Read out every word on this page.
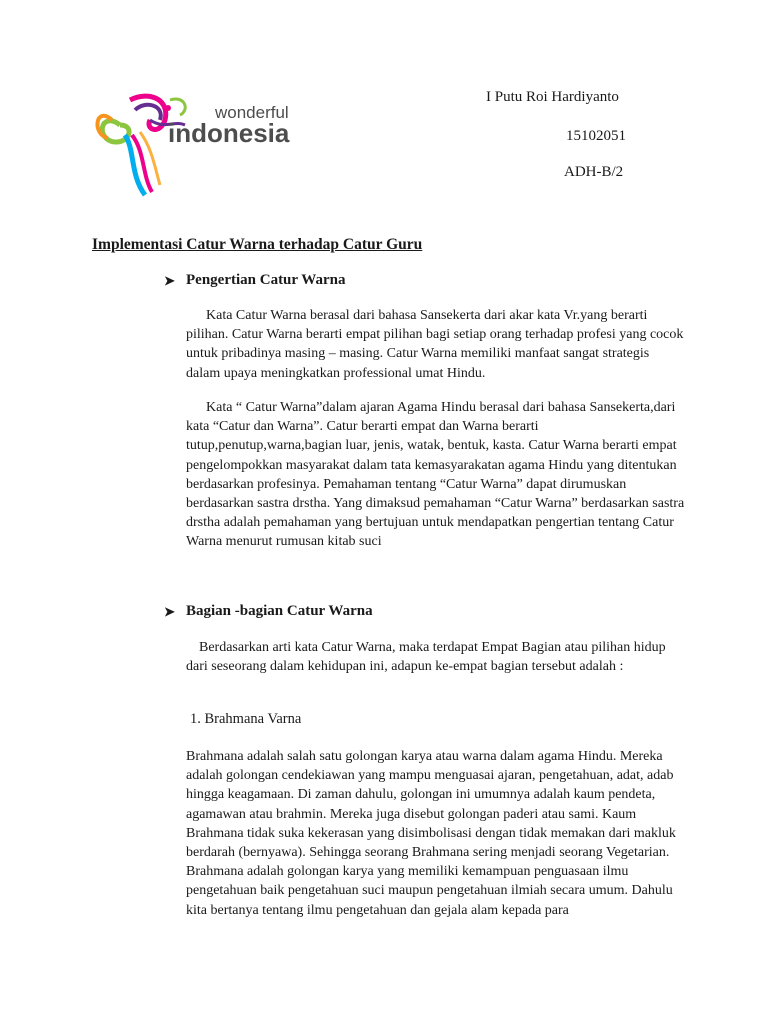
wonderful
indonesia
I Putu Roi Hardiyanto
15102051
ADH-B/2
Implementasi Catur Warna terhadap Catur Guru
➤ Pengertian Catur Warna

Kata Catur Warna berasal dari bahasa Sansekerta dari akar kata Vr.yang berarti pilihan. Catur Warna berarti empat pilihan bagi setiap orang terhadap profesi yang cocok untuk pribadinya masing – masing. Catur Warna memiliki manfaat sangat strategis dalam upaya meningkatkan professional umat Hindu.

Kata “ Catur Warna”dalam ajaran Agama Hindu berasal dari bahasa Sansekerta,dari kata “Catur dan Warna”. Catur berarti empat dan Warna berarti tutup,penutup,warna,bagian luar, jenis, watak, bentuk, kasta. Catur Warna berarti empat pengelompokkan masyarakat dalam tata kemasyarakatan agama Hindu yang ditentukan berdasarkan profesinya. Pemahaman tentang “Catur Warna” dapat dirumuskan berdasarkan sastra drstha. Yang dimaksud pemahaman “Catur Warna” berdasarkan sastra drstha adalah pemahaman yang bertujuan untuk mendapatkan pengertian tentang Catur Warna menurut rumusan kitab suci

➤ Bagian -bagian Catur Warna

Berdasarkan arti kata Catur Warna, maka terdapat Empat Bagian atau pilihan hidup dari seseorang dalam kehidupan ini, adapun ke-empat bagian tersebut adalah :

1. Brahmana Varna

Brahmana adalah salah satu golongan karya atau warna dalam agama Hindu. Mereka adalah golongan cendekiawan yang mampu menguasai ajaran, pengetahuan, adat, adab hingga keagamaan. Di zaman dahulu, golongan ini umumnya adalah kaum pendeta, agamawan atau brahmin. Mereka juga disebut golongan paderi atau sami. Kaum Brahmana tidak suka kekerasan yang disimbolisasi dengan tidak memakan dari makluk berdarah (bernyawa). Sehingga seorang Brahmana sering menjadi seorang Vegetarian. Brahmana adalah golongan karya yang memiliki kemampuan penguasaan ilmu pengetahuan baik pengetahuan suci maupun pengetahuan ilmiah secara umum. Dahulu kita bertanya tentang ilmu pengetahuan dan gejala alam kepada para
